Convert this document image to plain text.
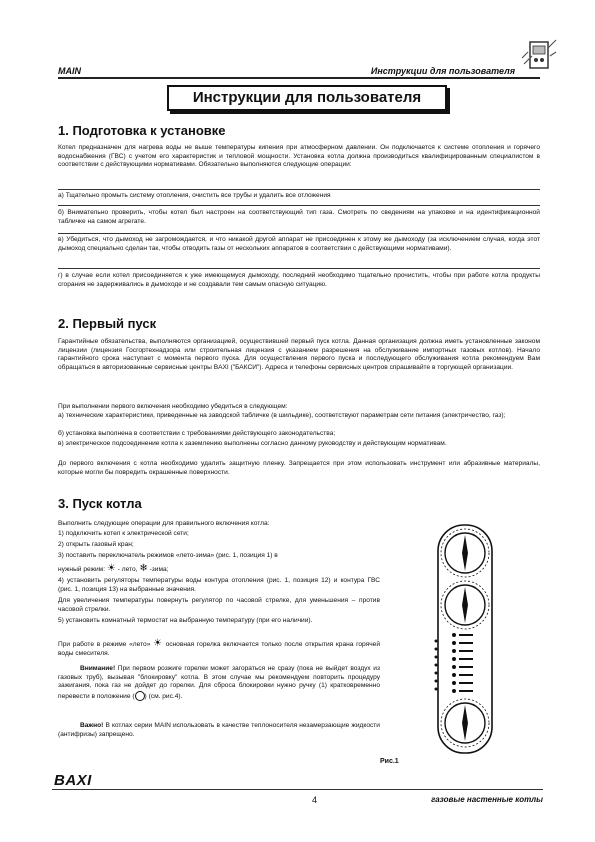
MAIN	Инструкции для пользователя
Инструкции для пользователя
1. Подготовка к установке
Котел предназначен для нагрева воды не выше температуры кипения при атмосферном давлении. Он подключается к системе отопления и горячего водоснабжения (ГВС) с учетом его характеристик и тепловой мощности. Установка котла должна производиться квалифицированным специалистом в соответствии с действующими нормативами. Обязательно выполняются следующие операции:
а) Тщательно промыть систему отопления, очистить все трубы и удалить все отложения
б) Внимательно проверить, чтобы котел был настроен на соответствующий тип газа. Смотреть по сведениям на упаковке и на идентификационной табличке на самом агрегате.
в) Убедиться, что дымоход не загромождается, и что никакой другой аппарат не присоединен к этому же дымоходу (за исключением случая, когда этот дымоход специально сделан так, чтобы отводить газы от нескольких аппаратов в соответствии с действующими нормативами).
г) в случае если котел присоединяется к уже имеющемуся дымоходу, последний необходимо тщательно прочистить, чтобы при работе котла продукты сгорания не задерживались в дымоходе и не создавали тем самым опасную ситуацию.
2. Первый пуск
Гарантийные обязательства, выполняются организацией, осуществившей первый пуск котла. Данная организация должна иметь установленные законом лицензии (лицензия Госгортехнадзора или строительная лицензия с указанием разрешения на обслуживание импортных газовых котлов). Начало гарантийного срока наступает с момента первого пуска. Для осуществления первого пуска и последующего обслуживания котла рекомендуем Вам обращаться в авторизованные сервисные центры BAXI ("БАКСИ"). Адреса и телефоны сервисных центров спрашивайте в торгующей организации.
При выполнении первого включения необходимо убедиться в следующем:
а) технические характеристики, приведенные на заводской табличке (в шильдике), соответствуют параметрам сети питания (электричество, газ);
б) установка выполнена в соответствии с требованиями действующего законодательства;
в) электрическое подсоединение котла к заземлению выполнены согласно данному руководству и действующим нормативам.
До первого включения с котла необходимо удалить защитную пленку. Запрещается при этом использовать инструмент или абразивные материалы, которые могли бы повредить окрашенные поверхности.
3. Пуск котла
Выполнить следующие операции для правильного включения котла:
1) подключить котел к электрической сети;
2) открыть газовый кран;
3) поставить переключатель режимов «лето-зима» (рис. 1, позиция 1) в
нужный режим: ☀ - лето, ❄ -зима;
4) установить регуляторы температуры воды контура отопления (рис. 1, позиция 12) и контура ГВС (рис. 1, позиция 13) на выбранные значения.
Для увеличения температуры повернуть регулятор по часовой стрелке, для уменьшения – против часовой стрелки.
5) установить комнатный термостат на выбранную температуру (при его наличии).
При работе в режиме «лето» ☀ основная горелка включается только после открытия крана горячей воды смесителя.
Внимание! При первом розжиге горелки может загораться не сразу (пока не выйдет воздух из газовых труб), вызывая "блокировку" котла. В этом случае мы рекомендуем повторить процедуру зажигания, пока газ не дойдет до горелки. Для сброса блокировки нужно ручку (1) кратковременно перевести в положение ( ) (см. рис.4).
Важно! В котлах серии MAIN использовать в качестве теплоносителя незамерзающие жидкости (антифризы) запрещено.
Рис.1
BAXI
4	газовые настенные котлы
